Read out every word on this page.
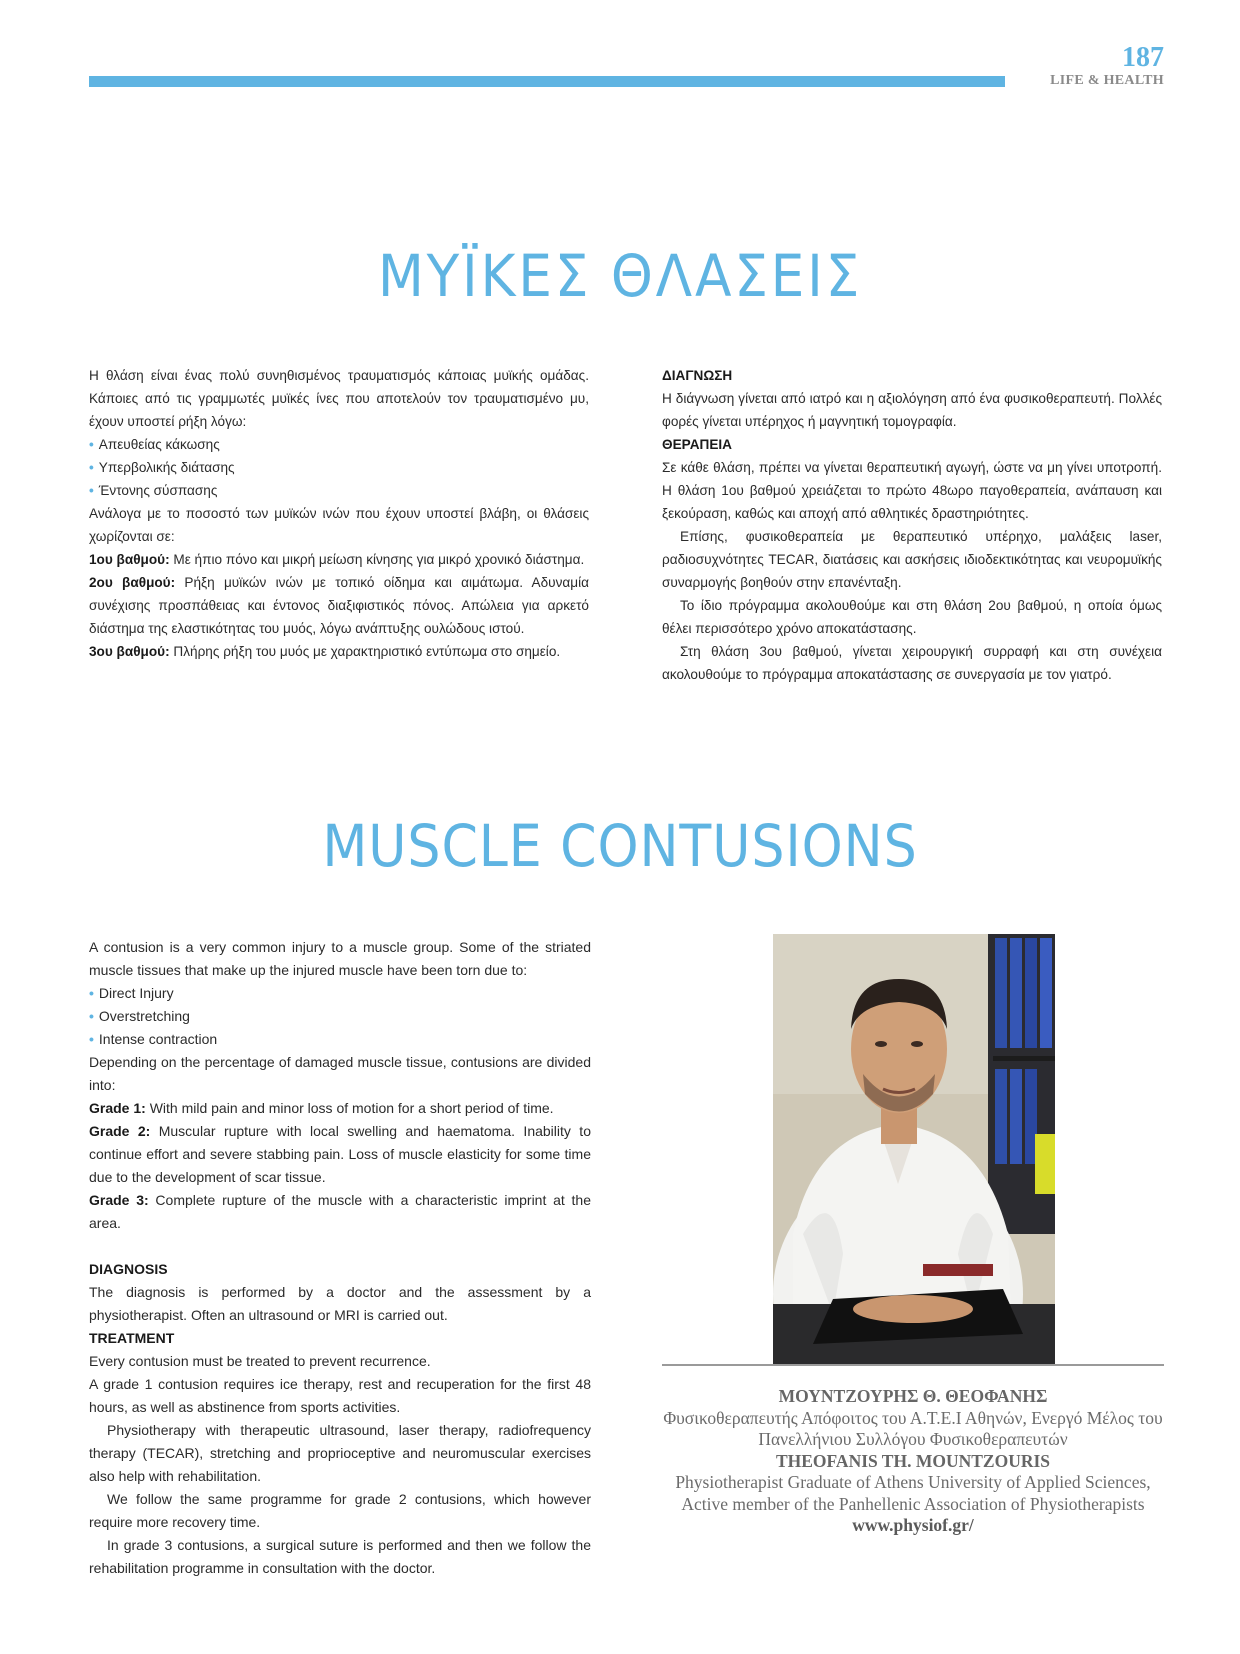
187
LIFE & HEALTH
ΜΥΪΚΕΣ ΘΛΑΣΕΙΣ

Η θλάση είναι ένας πολύ συνηθισμένος τραυματισμός κάποιας μυϊκής ομάδας. Κάποιες από τις γραμμωτές μυϊκές ίνες που αποτελούν τον τραυματισμένο μυ, έχουν υποστεί ρήξη λόγω:

• Απευθείας κάκωσης

• Υπερβολικής διάτασης

• Έντονης σύσπασης

Ανάλογα με το ποσοστό των μυϊκών ινών που έχουν υποστεί βλάβη, οι θλάσεις χωρίζονται σε:

1ου βαθμού: Με ήπιο πόνο και μικρή μείωση κίνησης για μικρό χρονικό διάστημα.

2ου βαθμού: Ρήξη μυϊκών ινών με τοπικό οίδημα και αιμάτωμα. Αδυναμία συνέχισης προσπάθειας και έντονος διαξιφιστικός πόνος. Απώλεια για αρκετό διάστημα της ελαστικότητας του μυός, λόγω ανάπτυξης ουλώδους ιστού.

3ου βαθμού: Πλήρης ρήξη του μυός με χαρακτηριστικό εντύπωμα στο σημείο.

ΔΙΑΓΝΩΣΗ

Η διάγνωση γίνεται από ιατρό και η αξιολόγηση από ένα φυσικοθεραπευτή. Πολλές φορές γίνεται υπέρηχος ή μαγνητική τομογραφία.

ΘΕΡΑΠΕΙΑ

Σε κάθε θλάση, πρέπει να γίνεται θεραπευτική αγωγή, ώστε να μη γίνει υποτροπή. Η θλάση 1ου βαθμού χρειάζεται το πρώτο 48ωρο παγοθεραπεία, ανάπαυση και ξεκούραση, καθώς και αποχή από αθλητικές δραστηριότητες.

Επίσης, φυσικοθεραπεία με θεραπευτικό υπέρηχο, μαλάξεις laser, ραδιοσυχνότητες TECAR, διατάσεις και ασκήσεις ιδιοδεκτικότητας και νευρομυϊκής συναρμογής βοηθούν στην επανένταξη.

Το ίδιο πρόγραμμα ακολουθούμε και στη θλάση 2ου βαθμού, η οποία όμως θέλει περισσότερο χρόνο αποκατάστασης.

Στη θλάση 3ου βαθμού, γίνεται χειρουργική συρραφή και στη συνέχεια ακολουθούμε το πρόγραμμα αποκατάστασης σε συνεργασία με τον γιατρό.

MUSCLE CONTUSIONS

A contusion is a very common injury to a muscle group. Some of the striated muscle tissues that make up the injured muscle have been torn due to:

• Direct Injury

• Overstretching

• Intense contraction

Depending on the percentage of damaged muscle tissue, contusions are divided into:

Grade 1: With mild pain and minor loss of motion for a short period of time.

Grade 2: Muscular rupture with local swelling and haematoma. Inability to continue effort and severe stabbing pain. Loss of muscle elasticity for some time due to the development of scar tissue.

Grade 3: Complete rupture of the muscle with a characteristic imprint at the area.

DIAGNOSIS

The diagnosis is performed by a doctor and the assessment by a physiotherapist. Often an ultrasound or MRI is carried out.

TREATMENT

Every contusion must be treated to prevent recurrence.

A grade 1 contusion requires ice therapy, rest and recuperation for the first 48 hours, as well as abstinence from sports activities.

Physiotherapy with therapeutic ultrasound, laser therapy, radiofrequency therapy (TECAR), stretching and proprioceptive and neuromuscular exercises also help with rehabilitation.

We follow the same programme for grade 2 contusions, which however require more recovery time.

In grade 3 contusions, a surgical suture is performed and then we follow the rehabilitation programme in consultation with the doctor.

ΜΟΥΝΤΖΟΥΡΗΣ Θ. ΘΕΟΦΑΝΗΣ

Φυσικοθεραπευτής Απόφοιτος του Α.Τ.Ε.Ι Αθηνών, Ενεργό Μέλος του Πανελλήνιου Συλλόγου Φυσικοθεραπευτών

THEOFANIS TH. MOUNTZOURIS

Physiotherapist Graduate of Athens University of Applied Sciences, Active member of the Panhellenic Association of Physiotherapists

www.physiof.gr/
